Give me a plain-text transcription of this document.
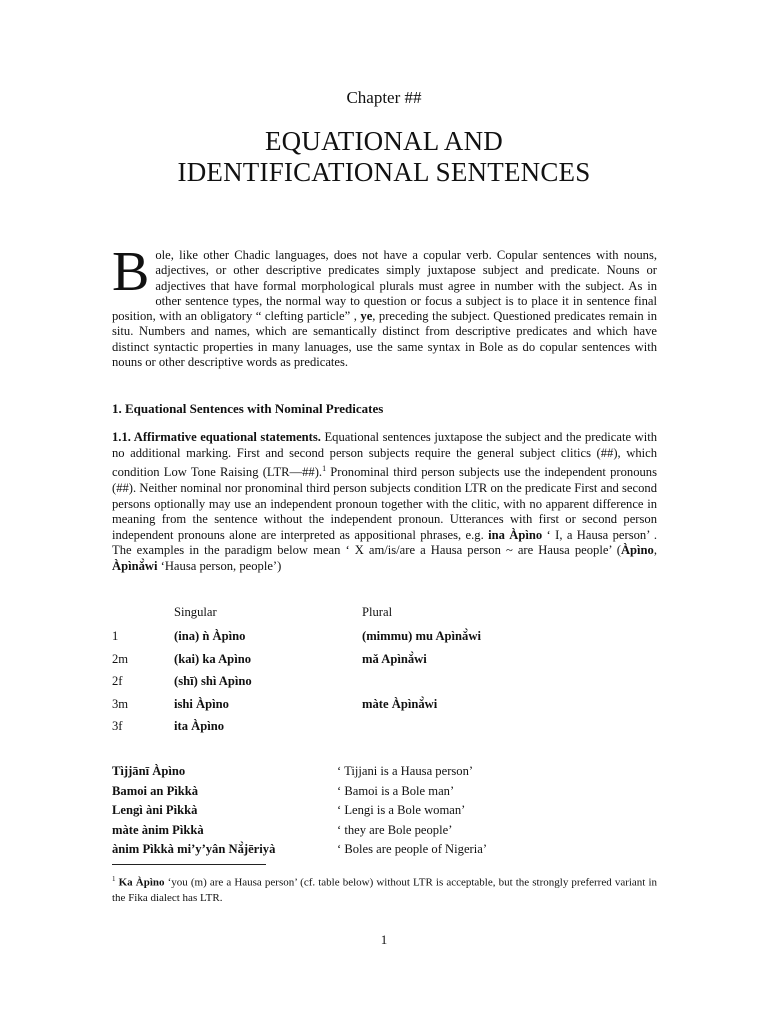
Chapter ##
EQUATIONAL AND
IDENTIFICATIONAL SENTENCES
Bole, like other Chadic languages, does not have a copular verb. Copular sentences with nouns, adjectives, or other descriptive predicates simply juxtapose subject and predicate. Nouns or adjectives that have formal morphological plurals must agree in number with the subject. As in other sentence types, the normal way to question or focus a subject is to place it in sentence final position, with an obligatory “ clefting particle” , ye, preceding the subject. Questioned predicates remain in situ. Numbers and names, which are semantically distinct from descriptive predicates and which have distinct syntactic properties in many lanuages, use the same syntax in Bole as do copular sentences with nouns or other descriptive words as predicates.
1. Equational Sentences with Nominal Predicates
1.1. Affirmative equational statements. Equational sentences juxtapose the subject and the predicate with no additional marking. First and second person subjects require the general subject clitics (##), which condition Low Tone Raising (LTR—##).$^1$ Pronominal third person subjects use the independent pronouns (##). Neither nominal nor pronominal third person subjects condition LTR on the predicate First and second persons optionally may use an independent pronoun together with the clitic, with no apparent difference in meaning from the sentence without the independent pronoun. Utterances with first or second person independent pronouns alone are interpreted as appositional phrases, e.g. ina Àpìno ‘ I, a Hausa person’ . The examples in the paradigm below mean ‘ X am/is/are a Hausa person ~ are Hausa people’ (Àpìno, Àpìnǎ̀wi ‘Hausa person, people’)
Singular	Plural
1	(ina) ǹ Àpìno	(mimmu) mu Apìnǎ̀wi
2m	(kai) ka Apìno	mǎ Apìnǎ̀wi
2f	(shī) shì Apìno
3m	ishi Àpìno	màte Àpìnǎ̀wi
3f	ita Àpìno
Tìjjānī Àpìno	‘ Tijjani is a Hausa person’
Bamoi an Pìkkà	‘ Bamoi is a Bole man’
Lengì àni Pìkkà	‘ Lengi is a Bole woman’
màte ànim Pìkkà	‘ they are Bole people’
ànim Pìkkà mi’y’yân Nǎ̀jēriyà	‘ Boles are people of Nigeria’
$^1$ Ka Àpìno ‘you (m) are a Hausa person’ (cf. table below) without LTR is acceptable, but the strongly preferred variant in the Fika dialect has LTR.
1
